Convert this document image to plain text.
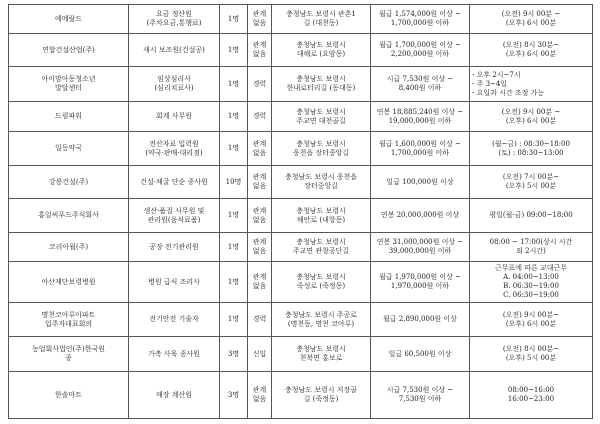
에메랄드	요금 정산원
(주차요금,통행료)	1명	관계
없음	충청남도 보령시 관촌1
길 (대천동)	월급 1,574,000원 이상 ~
1,700,000원 이하	(오전) 9시 00분 ~
(오후) 6시 00분

연합건설산업(주)	새시 보조원(건설공)	1명	관계
없음	충청남도 보령시
대해로 (요암동)	월급 1,700,000원 이상 ~
2,200,000원 이하	(오전) 8시 30분~
(오후) 6시 00분

아이맘아동청소년
발달센터	임상심리사
(심리치료사)	1명	경력	충청남도 보령시
한내로터리길 (동대동)	시급 7,530원 이상 ~
8,400원 이하	- 오후 2시~7시
- 주 3~4일
- 요일과 시간 조정 가능

드림파워	회계 사무원	1명	경력	충청남도 보령시
주교면 대천골길	연봉 18,885,240원 이상 ~
19,000,000원 이하	(오전) 9시 00분 ~
(오후) 6시 00분

일등약국	전산자료 입력원
(약국·판매·대리점)	1명	관계
없음	충청남도 보령시
웅천읍 장터중앙길	월급 1,600,000원 이상 ~
1,700,000원 이하	(월~금) : 08:30~18:00
(토) : 08:30~13:00

강릉건설(주)	건설·채굴 단순 종사원	10명	관계
없음	충청남도 보령시 웅천읍
장터중앙길	일급 100,000원 이상	(오전) 7시 00분~
(오후) 5시 00분

홍일씨푸드주식회사	생산·품질 사무원 및
관리원(음식료품)	1명	관계
없음	충청남도 보령시
해안로 (내항동)	연봉 20,000,000원 이상	평일(월-금) 09:00~18:00

코리아월(주)	공장 전기관리원	1명	관계
없음	충청남도 보령시
주교면 관창공단길	연봉 31,000,000원 이상 ~
39,000,000원 이하	08:00 ~ 17:00(상시 시간
외 2시간)

아산재단보령병원	병원 급식 조리사	1명	관계
없음	충청남도 보령시
죽성로 (죽정동)	월급 1,970,000원 이상 ~
1,970,000원 이하	근무표에 따른 교대근무
A. 04:00~13:00
B. 06:30~19:00
C. 06:30~19:00

명천코아루아파트
입주자대표회의	전기안전 기술자	1명	경력	충청남도 보령시 주공로
(명천동, 명천 코아루)	월급 2,890,000원 이상	(오전) 9시 00분~
(오후) 6시 00분

농업회사법인(주)한국원
종	가축 사육 종사원	3명	신입	충청남도 보령시
천북면 홍보로	일급 60,500원 이상	(오전) 8시 00분~
(오후) 5시 00분

한솔마트	매장 계산원	3명	관계
없음	충청남도 보령시 지장골
길 (죽정동)	시급 7,530원 이상 ~
7,530원 이하	08:00~16:00
16:00~23:00
